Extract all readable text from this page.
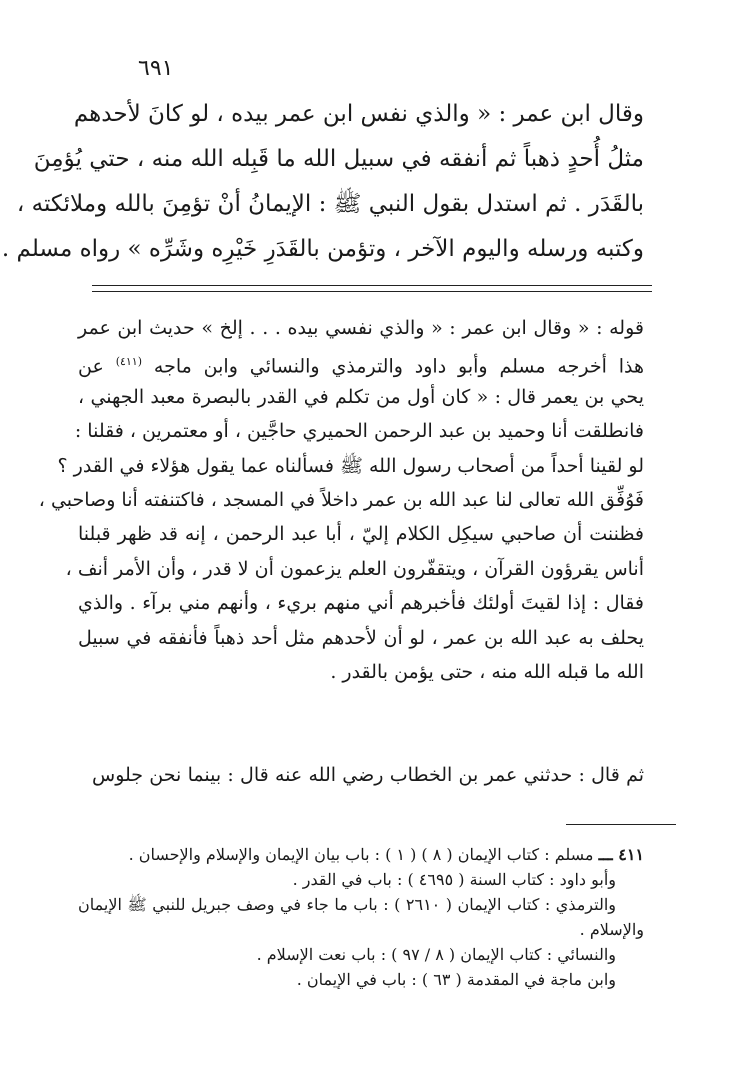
٦٩١
وقال ابن عمر : « والذي نفس ابن عمر بيده ، لو كانَ لأحدهم
مثلُ أُحدٍ ذهباً ثم أنفقه في سبيل الله ما قَبِله الله منه ، حتي يُؤمِنَ
بالقَدَر . ثم استدل بقول النبي ﷺ : الإيمانُ أنْ تؤمِنَ بالله وملائكته ،
وكتبه ورسله واليوم الآخر ، وتؤمن بالقَدَرِ خَيْرِه وشَرِّه » رواه مسلم .
قوله : « وقال ابن عمر : « والذي نفسي بيده . . . إلخ » حديث ابن عمر
هذا أخرجه مسلم وأبو داود والترمذي والنسائي وابن ماجه $^{(٤١١)}$ عن
يحي بن يعمر قال : « كان أول من تكلم في القدر بالبصرة معبد الجهني ،
فانطلقت أنا وحميد بن عبد الرحمن الحميري حاجَّين ، أو معتمرين ، فقلنا :
لو لقينا أحداً من أصحاب رسول الله ﷺ فسألناه عما يقول هؤلاء في القدر ؟
فَوُفِّق الله تعالى لنا عبد الله بن عمر داخلاً في المسجد ، فاكتنفته أنا وصاحبي ،
فظننت أن صاحبي سيكِل الكلام إليّ ، أبا عبد الرحمن ، إنه قد ظهر قبلنا
أناس يقرؤون القرآن ، ويتقفّرون العلم يزعمون أن لا قدر ، وأن الأمر أنف ،
فقال : إذا لقيتَ أولئك فأخبرهم أني منهم بريء ، وأنهم مني برآء . والذي
يحلف به عبد الله بن عمر ، لو أن لأحدهم مثل أحد ذهباً فأنفقه في سبيل
الله ما قبله الله منه ، حتى يؤمن بالقدر .
ثم قال : حدثني عمر بن الخطاب رضي الله عنه قال : بينما نحن جلوس
٤١١ ـــ مسلم : كتاب الإيمان ( ٨ ) ( ١ ) : باب بيان الإيمان والإسلام والإحسان .
وأبو داود : كتاب السنة ( ٤٦٩٥ ) : باب في القدر .
والترمذي : كتاب الإيمان ( ٢٦١٠ ) : باب ما جاء في وصف جبريل للنبي ﷺ الإيمان
والإسلام .
والنسائي : كتاب الإيمان ( ٨ / ٩٧ ) : باب نعت الإسلام .
وابن ماجة في المقدمة ( ٦٣ ) : باب في الإيمان .
